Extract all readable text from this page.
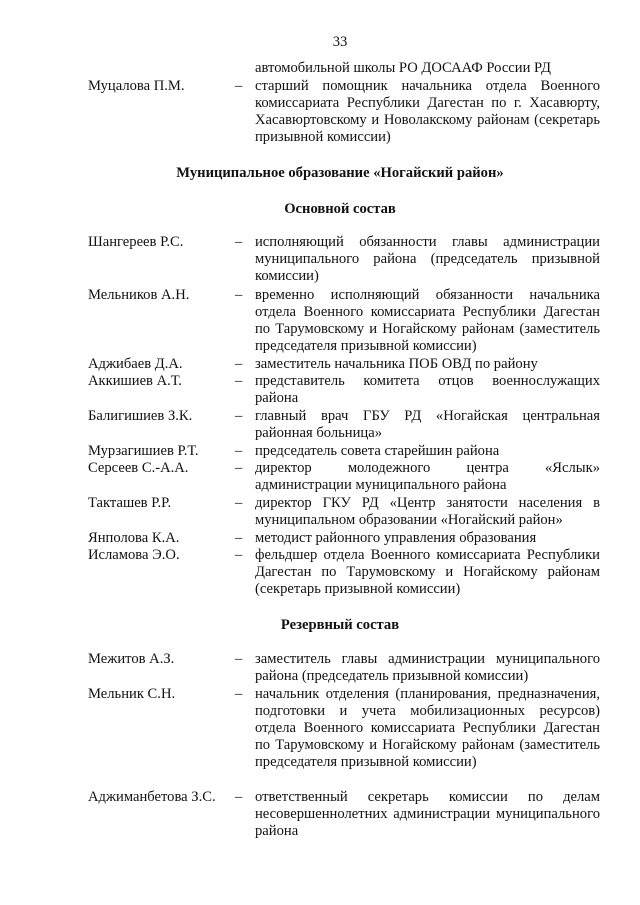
33
автомобильной школы РО ДОСААФ России РД
Муцалова П.М.	– старший помощник начальника отдела Военного комиссариата Республики Дагестан по г. Хасавюрту, Хасавюртовскому и Новолакскому районам (секретарь призывной комиссии)
Муниципальное образование «Ногайский район»
Основной состав
Шангереев Р.С.	– исполняющий обязанности главы администрации муниципального района (председатель призывной комиссии)
Мельников А.Н.	– временно исполняющий обязанности начальника отдела Военного комиссариата Республики Дагестан по Тарумовскому и Ногайскому районам (заместитель председателя призывной комиссии)
Аджибаев Д.А.	– заместитель начальника ПОБ ОВД по району
Аккишиев А.Т.	– представитель комитета отцов военнослужащих района
Балигишиев З.К.	– главный врач ГБУ РД «Ногайская центральная районная больница»
Мурзагишиев Р.Т. – председатель совета старейшин района
Серсеев С.-А.А.	– директор молодежного центра «Яслык» администрации муниципального района
Такташев Р.Р.	– директор ГКУ РД «Центр занятости населения в муниципальном образовании «Ногайский район»
Янполова К.А.	– методист районного управления образования
Исламова Э.О.	– фельдшер отдела Военного комиссариата Республики Дагестан по Тарумовскому и Ногайскому районам (секретарь призывной комиссии)
Резервный состав
Межитов А.З.	– заместитель главы администрации муниципального района (председатель призывной комиссии)
Мельник С.Н.	– начальник отделения (планирования, предназначения, подготовки и учета мобилизационных ресурсов) отдела Военного комиссариата Республики Дагестан по Тарумовскому и Ногайскому районам (заместитель председателя призывной комиссии)
Аджиманбетова З.С. – ответственный секретарь комиссии по делам несовершеннолетних администрации муниципального района
